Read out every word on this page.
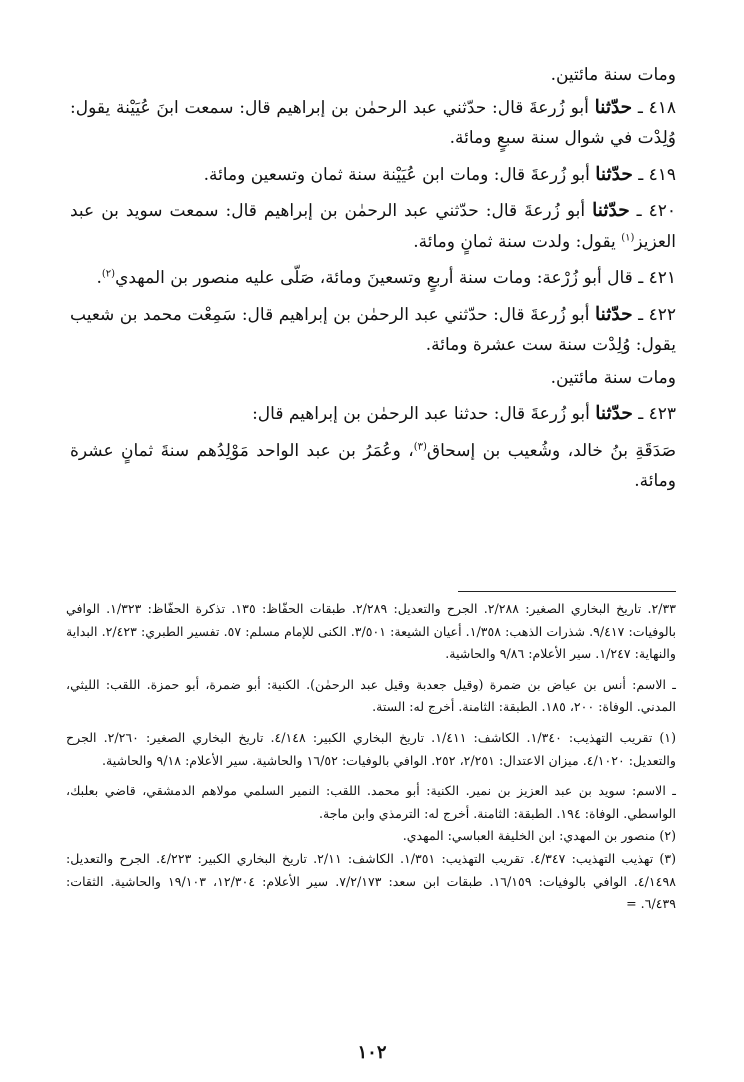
ومات سنة مائتين.

٤١٨ ـ حدّثنا أبو زُرعةَ قال: حدّثني عبد الرحمٰن بن إبراهيم قال: سمعت ابنَ عُيَيْنة يقول: وُلِدْت في شوال سنة سبعٍ ومائة.

٤١٩ ـ حدّثنا أبو زُرعةَ قال: ومات ابن عُيَيْنة سنة ثمان وتسعين ومائة.

٤٢٠ ـ حدّثنا أبو زُرعةَ قال: حدّثني عبد الرحمٰن بن إبراهيم قال: سمعت سويد بن عبد العزيز$^{(١)}$ يقول: ولدت سنة ثمانٍ ومائة.

٤٢١ ـ قال أبو زُرْعة: ومات سنة أربعٍ وتسعينَ ومائة، صَلّى عليه منصور بن المهدي$^{(٢)}$.

٤٢٢ ـ حدّثنا أبو زُرعةَ قال: حدّثني عبد الرحمٰن بن إبراهيم قال: سَمِعْت محمد بن شعيب يقول: وُلِدْت سنة ست عشرة ومائة.

ومات سنة مائتين.

٤٢٣ ـ حدّثنا أبو زُرعةَ قال: حدثنا عبد الرحمٰن بن إبراهيم قال:

صَدَقَةِ بنُ خالد، وشُعيب بن إسحاق$^{(٣)}$، وعُمَرُ بن عبد الواحد مَوْلِدُهم سنةَ ثمانٍ عشرة ومائة.

٢/٣٣. تاريخ البخاري الصغير: ٢/٢٨٨. الجرح والتعديل: ٢/٢٨٩. طبقات الحفّاظ: ١٣٥. تذكرة الحفّاظ: ١/٣٢٣. الوافي بالوفيات: ٩/٤١٧. شذرات الذهب: ١/٣٥٨. أعيان الشيعة: ٣/٥٠١. الكنى للإمام مسلم: ٥٧. تفسير الطبري: ٢/٤٢٣. البداية والنهاية: ١/٢٤٧. سير الأعلام: ٩/٨٦ والحاشية.

ـ الاسم: أنس بن عياض بن ضمرة (وقيل جعدبة وقيل عبد الرحمٰن). الكنية: أبو ضمرة، أبو حمزة. اللقب: الليثي، المدني. الوفاة: ٢٠٠، ١٨٥. الطبقة: الثامنة. أخرج له: الستة.

(١) تقريب التهذيب: ١/٣٤٠. الكاشف: ١/٤١١. تاريخ البخاري الكبير: ٤/١٤٨. تاريخ البخاري الصغير: ٢/٢٦٠. الجرح والتعديل: ٤/١٠٢٠. ميزان الاعتدال: ٢/٢٥١، ٢٥٢. الوافي بالوفيات: ١٦/٥٢ والحاشية. سير الأعلام: ٩/١٨ والحاشية.

ـ الاسم: سويد بن عبد العزيز بن نمير. الكنية: أبو محمد. اللقب: النمير السلمي مولاهم الدمشقي، قاضي بعلبك، الواسطي. الوفاة: ١٩٤. الطبقة: الثامنة. أخرج له: الترمذي وابن ماجة.

(٢) منصور بن المهدي: ابن الخليفة العباسي: المهدي.

(٣) تهذيب التهذيب: ٤/٣٤٧. تقريب التهذيب: ١/٣٥١. الكاشف: ٢/١١. تاريخ البخاري الكبير: ٤/٢٢٣. الجرح والتعديل: ٤/١٤٩٨. الوافي بالوفيات: ١٦/١٥٩. طبقات ابن سعد: ٧/٢/١٧٣. سير الأعلام: ١٢/٣٠٤، ١٩/١٠٣ والحاشية. الثقات: ٦/٤٣٩. =

١٠٢
